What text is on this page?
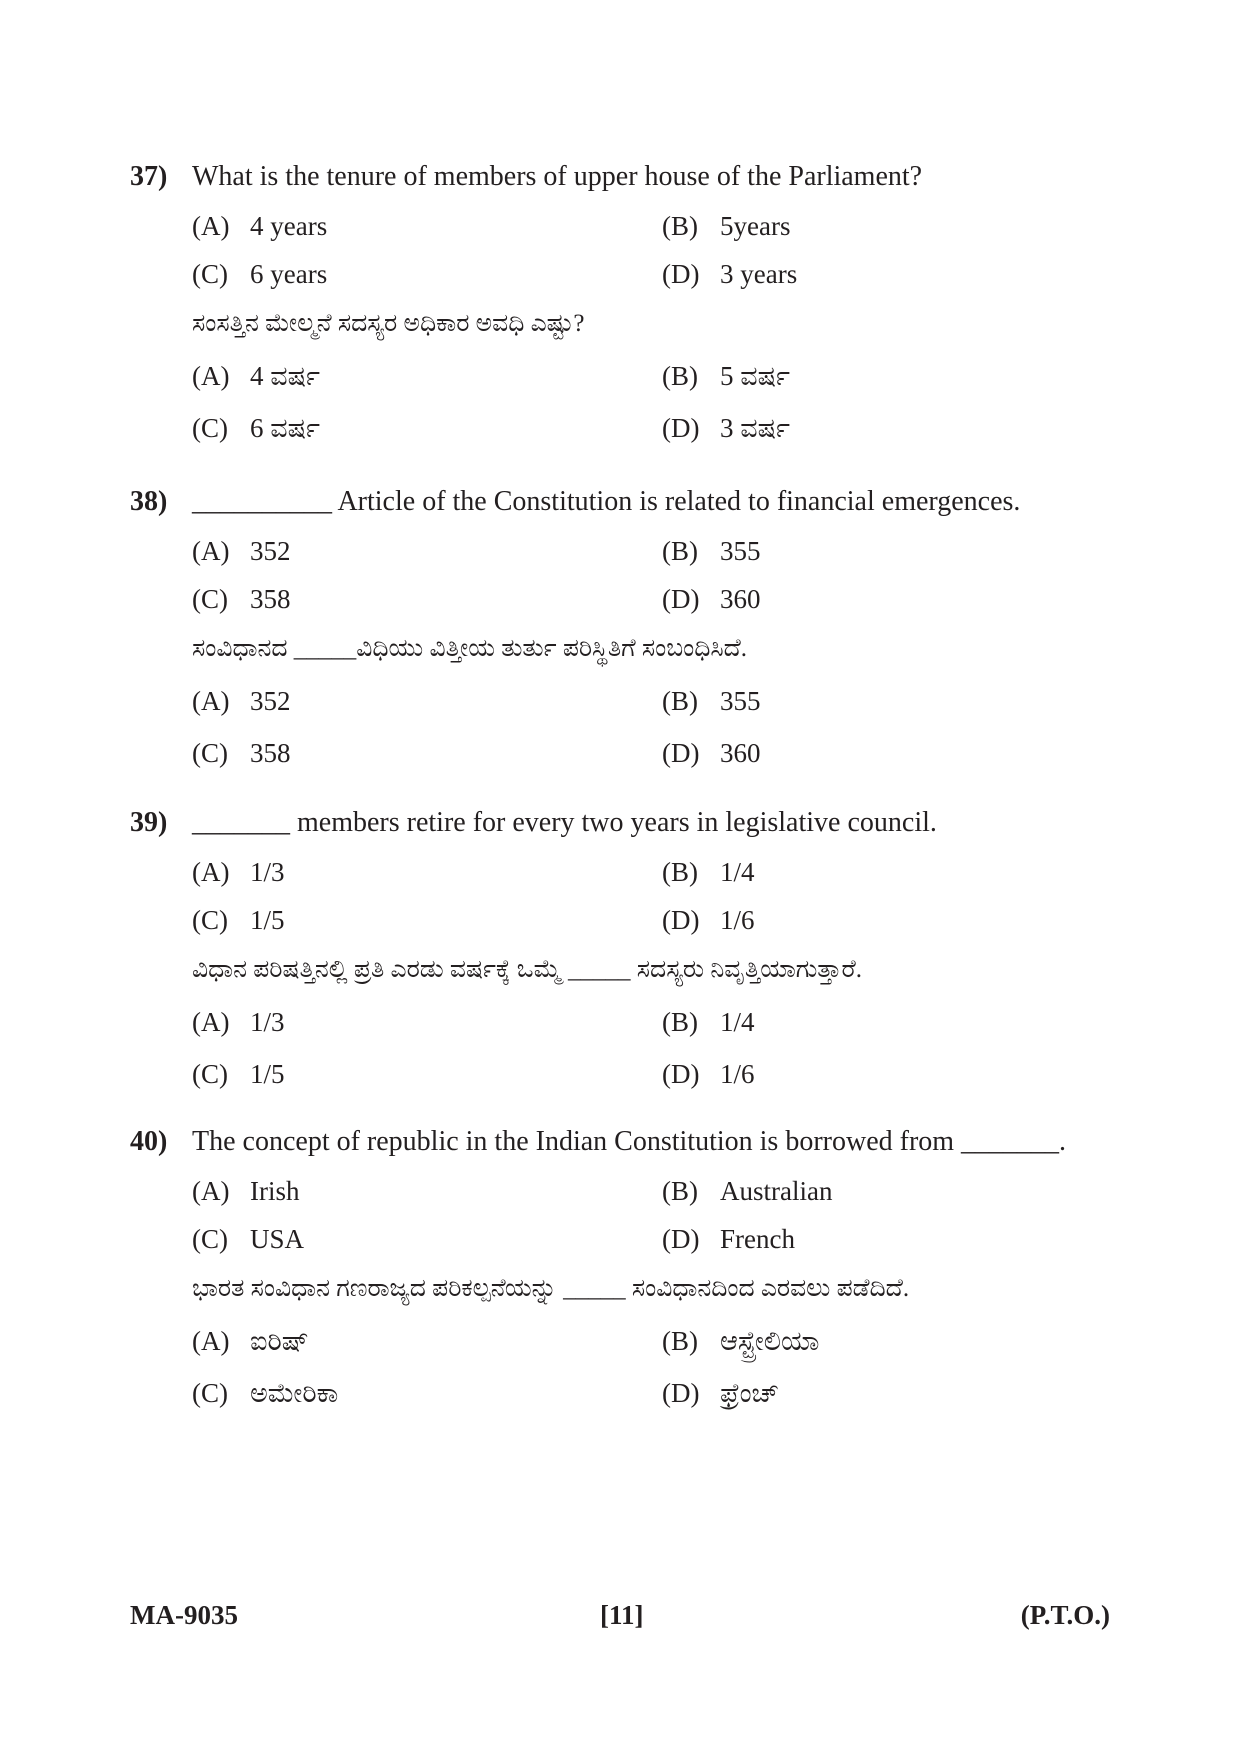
37) What is the tenure of members of upper house of the Parliament?
(A) 4 years	(B) 5years
(C) 6 years	(D) 3 years
ಸಂಸತ್ತಿನ ಮೇಲ್ಮನೆ ಸದಸ್ಯರ ಅಧಿಕಾರ ಅವಧಿ ಎಷ್ಟು?
(A) 4 ವರ್ಷ	(B) 5 ವರ್ಷ
(C) 6 ವರ್ಷ	(D) 3 ವರ್ಷ
38) __________ Article of the Constitution is related to financial emergences.
(A) 352	(B) 355
(C) 358	(D) 360
ಸಂವಿಧಾನದ _____ವಿಧಿಯು ವಿತ್ತೀಯ ತುರ್ತು ಪರಿಸ್ಥಿತಿಗೆ ಸಂಬಂಧಿಸಿದೆ.
(A) 352	(B) 355
(C) 358	(D) 360
39) _______ members retire for every two years in legislative council.
(A) 1/3	(B) 1/4
(C) 1/5	(D) 1/6
ವಿಧಾನ ಪರಿಷತ್ತಿನಲ್ಲಿ ಪ್ರತಿ ಎರಡು ವರ್ಷಕ್ಕೆ ಒಮ್ಮೆ _____ ಸದಸ್ಯರು ನಿವೃತ್ತಿಯಾಗುತ್ತಾರೆ.
(A) 1/3	(B) 1/4
(C) 1/5	(D) 1/6
40) The concept of republic in the Indian Constitution is borrowed from _______.
(A) Irish	(B) Australian
(C) USA	(D) French
ಭಾರತ ಸಂವಿಧಾನ ಗಣರಾಜ್ಯದ ಪರಿಕಲ್ಪನೆಯನ್ನು _____ ಸಂವಿಧಾನದಿಂದ ಎರವಲು ಪಡೆದಿದೆ.
(A) ಐರಿಷ್	(B) ಆಸ್ಟ್ರೇಲಿಯಾ
(C) ಅಮೇರಿಕಾ	(D) ಫ್ರೆಂಚ್
MA-9035	[11]	(P.T.O.)
